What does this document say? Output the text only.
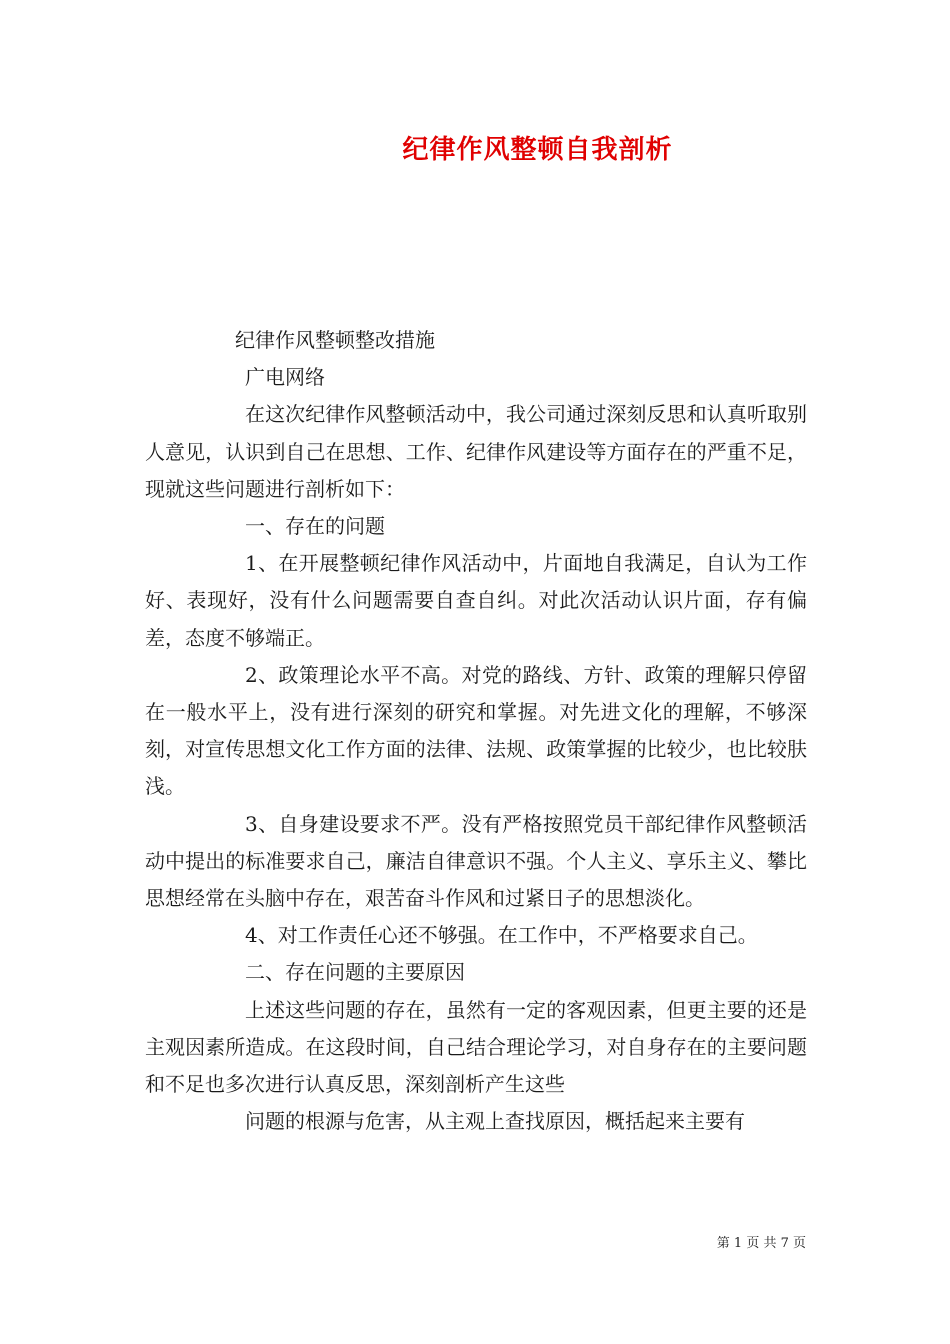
纪律作风整顿自我剖析

纪律作风整顿整改措施

广电网络

在这次纪律作风整顿活动中，我公司通过深刻反思和认真听取别人意见，认识到自己在思想、工作、纪律作风建设等方面存在的严重不足，现就这些问题进行剖析如下：

一、存在的问题

1、在开展整顿纪律作风活动中，片面地自我满足，自认为工作好、表现好，没有什么问题需要自查自纠。对此次活动认识片面，存有偏差，态度不够端正。

2、政策理论水平不高。对党的路线、方针、政策的理解只停留在一般水平上，没有进行深刻的研究和掌握。对先进文化的理解，不够深刻，对宣传思想文化工作方面的法律、法规、政策掌握的比较少，也比较肤浅。

3、自身建设要求不严。没有严格按照党员干部纪律作风整顿活动中提出的标准要求自己，廉洁自律意识不强。个人主义、享乐主义、攀比思想经常在头脑中存在，艰苦奋斗作风和过紧日子的思想淡化。

4、对工作责任心还不够强。在工作中，不严格要求自己。

二、存在问题的主要原因

上述这些问题的存在，虽然有一定的客观因素，但更主要的还是主观因素所造成。在这段时间，自己结合理论学习，对自身存在的主要问题和不足也多次进行认真反思，深刻剖析产生这些

问题的根源与危害，从主观上查找原因，概括起来主要有

第 1 页 共 7 页
